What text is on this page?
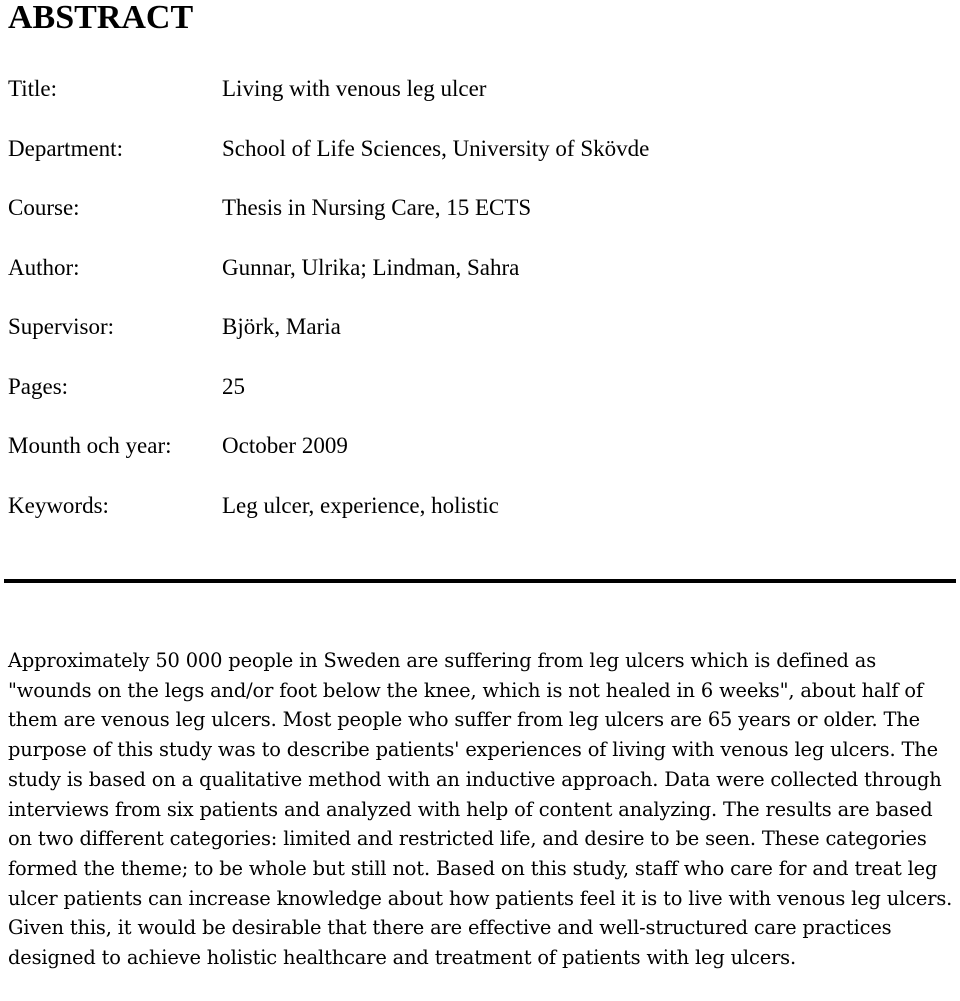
ABSTRACT
Title:	Living with venous leg ulcer
Department:	School of Life Sciences, University of Skövde
Course:	Thesis in Nursing Care, 15 ECTS
Author:	Gunnar, Ulrika; Lindman, Sahra
Supervisor:	Björk, Maria
Pages:	25
Mounth och year: October 2009
Keywords:	Leg ulcer, experience, holistic

Approximately 50 000 people in Sweden are suffering from leg ulcers which is defined as "wounds on the legs and/or foot below the knee, which is not healed in 6 weeks", about half of them are venous leg ulcers. Most people who suffer from leg ulcers are 65 years or older. The purpose of this study was to describe patients' experiences of living with venous leg ulcers. The study is based on a qualitative method with an inductive approach. Data were collected through interviews from six patients and analyzed with help of content analyzing. The results are based on two different categories: limited and restricted life, and desire to be seen. These categories formed the theme; to be whole but still not. Based on this study, staff who care for and treat leg ulcer patients can increase knowledge about how patients feel it is to live with venous leg ulcers. Given this, it would be desirable that there are effective and well-structured care practices designed to achieve holistic healthcare and treatment of patients with leg ulcers.
